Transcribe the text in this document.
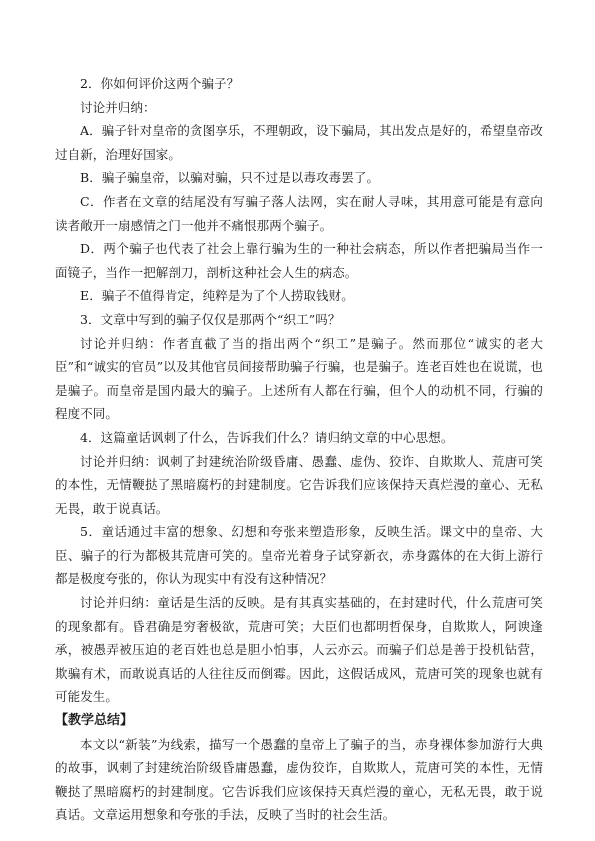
2．你如何评价这两个骗子？

讨论并归纳：

A．骗子针对皇帝的贪图享乐，不理朝政，设下骗局，其出发点是好的，希望皇帝改过自新，治理好国家。

B．骗子骗皇帝，以骗对骗，只不过是以毒攻毒罢了。

C．作者在文章的结尾没有写骗子落人法网，实在耐人寻味，其用意可能是有意向读者敞开一扇感情之门一他并不痛恨那两个骗子。

D．两个骗子也代表了社会上靠行骗为生的一种社会病态，所以作者把骗局当作一面镜子，当作一把解剖刀，剖析这种社会人生的病态。

E．骗子不值得肯定，纯粹是为了个人捞取钱财。

3．文章中写到的骗子仅仅是那两个“织工”吗？

讨论并归纳：作者直截了当的指出两个“织工”是骗子。然而那位“诚实的老大臣”和“诚实的官员”以及其他官员间接帮助骗子行骗，也是骗子。连老百姓也在说谎，也是骗子。而皇帝是国内最大的骗子。上述所有人都在行骗，但个人的动机不同，行骗的程度不同。

4．这篇童话讽刺了什么，告诉我们什么？请归纳文章的中心思想。

讨论并归纳：讽刺了封建统治阶级昏庸、愚蠢、虚伪、狡诈、自欺欺人、荒唐可笑的本性，无情鞭挞了黑暗腐朽的封建制度。它告诉我们应该保持天真烂漫的童心、无私无畏，敢于说真话。

5．童话通过丰富的想象、幻想和夸张来塑造形象，反映生活。课文中的皇帝、大臣、骗子的行为都极其荒唐可笑的。皇帝光着身子试穿新衣，赤身露体的在大街上游行都是极度夸张的，你认为现实中有没有这种情况？

讨论并归纳：童话是生活的反映。是有其真实基础的，在封建时代，什么荒唐可笑的现象都有。昏君确是穷奢极欲，荒唐可笑；大臣们也都明哲保身，自欺欺人，阿谀逢承，被愚弄被压迫的老百姓也总是胆小怕事，人云亦云。而骗子们总是善于投机钻营，欺骗有术，而敢说真话的人往往反而倒霉。因此，这假话成风，荒唐可笑的现象也就有可能发生。

【教学总结】

本文以“新装”为线索，描写一个愚蠢的皇帝上了骗子的当，赤身裸体参加游行大典的故事，讽刺了封建统治阶级昏庸愚蠢，虚伪狡诈，自欺欺人，荒唐可笑的本性，无情鞭挞了黑暗腐朽的封建制度。它告诉我们应该保持天真烂漫的童心，无私无畏，敢于说真话。文章运用想象和夸张的手法，反映了当时的社会生活。
